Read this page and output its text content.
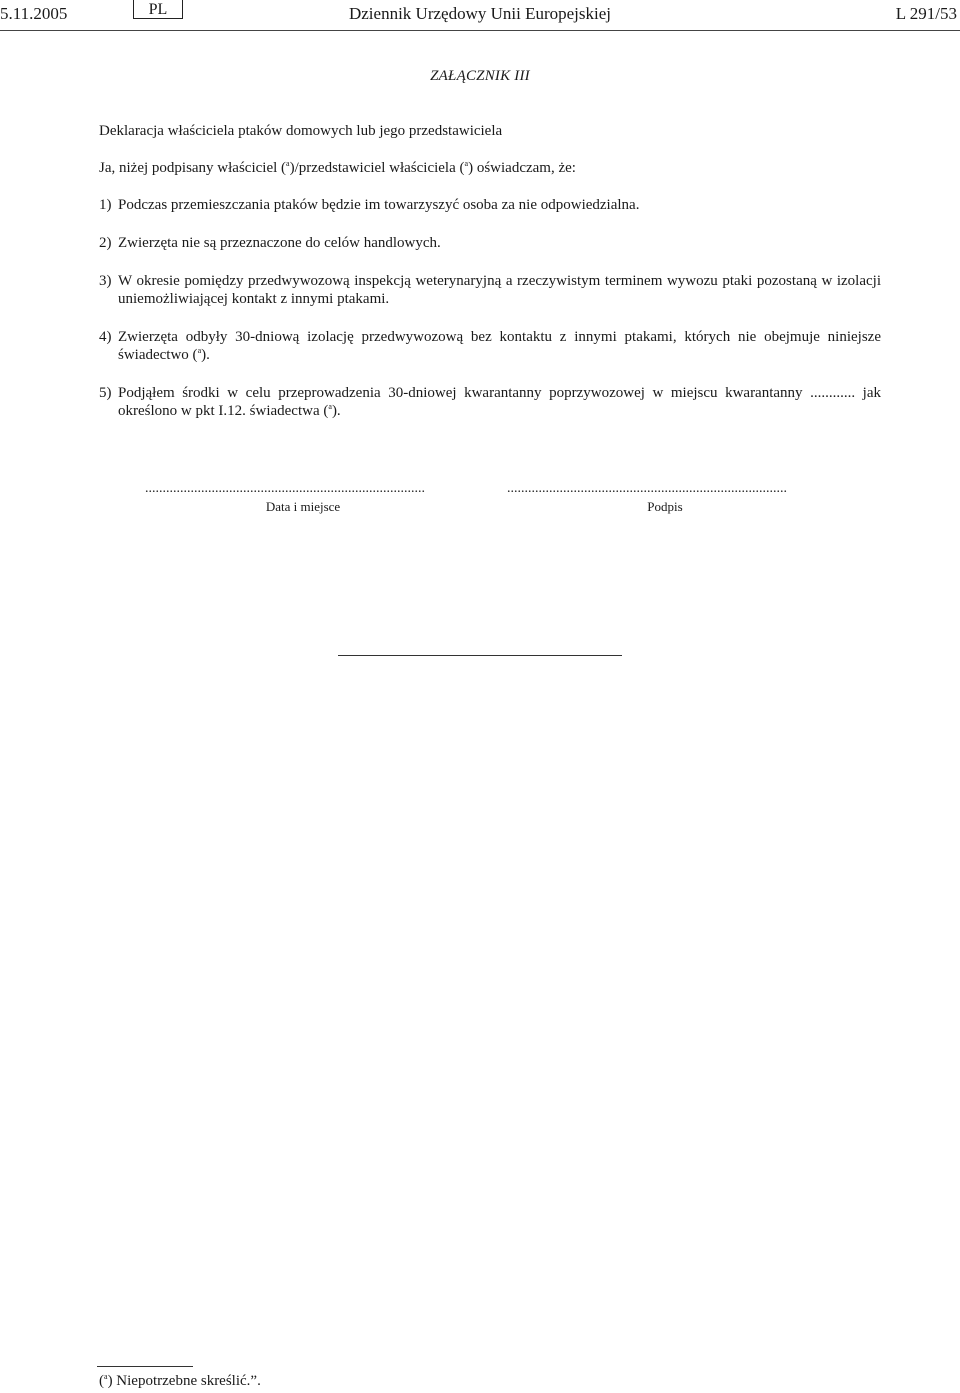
5.11.2005	PL	Dziennik Urzędowy Unii Europejskiej	L 291/53
ZAŁĄCZNIK III
Deklaracja właściciela ptaków domowych lub jego przedstawiciela
Ja, niżej podpisany właściciel ($^a$)/przedstawiciel właściciela ($^a$) oświadczam, że:
1) Podczas przemieszczania ptaków będzie im towarzyszyć osoba za nie odpowiedzialna.
2) Zwierzęta nie są przeznaczone do celów handlowych.
3) W okresie pomiędzy przedwywozową inspekcją weterynaryjną a rzeczywistym terminem wywozu ptaki pozostaną w izolacji uniemożliwiającej kontakt z innymi ptakami.
4) Zwierzęta odbyły 30-dniową izolację przedwywozową bez kontaktu z innymi ptakami, których nie obejmuje niniejsze świadectwo ($^a$).
5) Podjąłem środki w celu przeprowadzenia 30-dniowej kwarantanny poprzywozowej w miejscu kwarantanny ............ jak określono w pkt I.12. świadectwa ($^a$).
................................................................................
Data i miejsce
................................................................................
Podpis
($^a$) Niepotrzebne skreślić.”.
